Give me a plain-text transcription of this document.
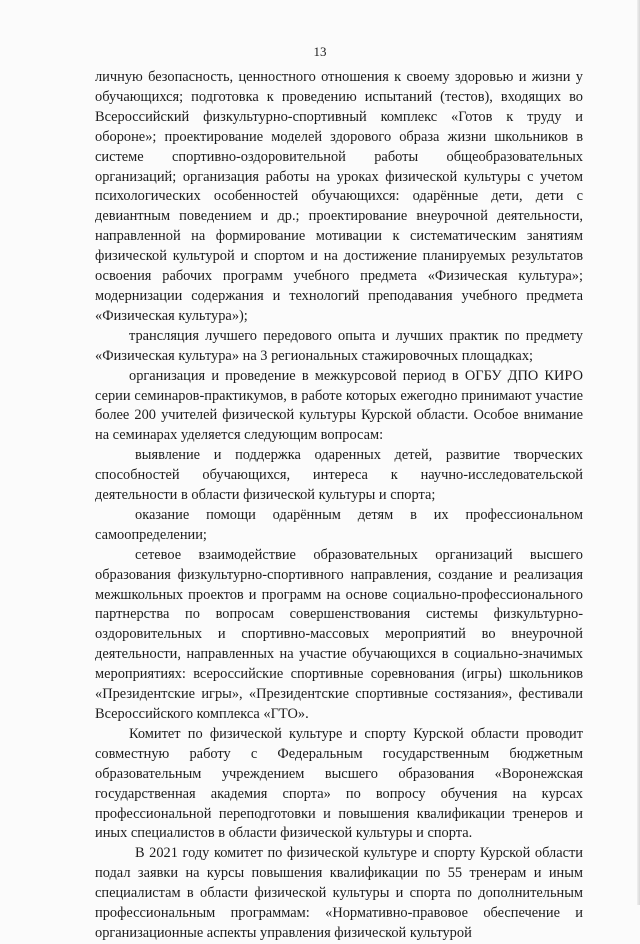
13

личную безопасность, ценностного отношения к своему здоровью и жизни у обучающихся; подготовка к проведению испытаний (тестов), входящих во Всероссийский физкультурно-спортивный комплекс «Готов к труду и обороне»; проектирование моделей здорового образа жизни школьников в системе спортивно-оздоровительной работы общеобразовательных организаций; организация работы на уроках физической культуры с учетом психологических особенностей обучающихся: одарённые дети, дети с девиантным поведением и др.; проектирование внеурочной деятельности, направленной на формирование мотивации к систематическим занятиям физической культурой и спортом и на достижение планируемых результатов освоения рабочих программ учебного предмета «Физическая культура»; модернизации содержания и технологий преподавания учебного предмета «Физическая культура»);

трансляция лучшего передового опыта и лучших практик по предмету «Физическая культура» на 3 региональных стажировочных площадках;

организация и проведение в межкурсовой период в ОГБУ ДПО КИРО серии семинаров-практикумов, в работе которых ежегодно принимают участие более 200 учителей физической культуры Курской области. Особое внимание на семинарах уделяется следующим вопросам:

выявление и поддержка одаренных детей, развитие творческих способностей обучающихся, интереса к научно-исследовательской деятельности в области физической культуры и спорта;

оказание помощи одарённым детям в их профессиональном самоопределении;

сетевое взаимодействие образовательных организаций высшего образования физкультурно-спортивного направления, создание и реализация межшкольных проектов и программ на основе социально-профессионального партнерства по вопросам совершенствования системы физкультурно-оздоровительных и спортивно-массовых мероприятий во внеурочной деятельности, направленных на участие обучающихся в социально-значимых мероприятиях: всероссийские спортивные соревнования (игры) школьников «Президентские игры», «Президентские спортивные состязания», фестивали Всероссийского комплекса «ГТО».

Комитет по физической культуре и спорту Курской области проводит совместную работу с Федеральным государственным бюджетным образовательным учреждением высшего образования «Воронежская государственная академия спорта» по вопросу обучения на курсах профессиональной переподготовки и повышения квалификации тренеров и иных специалистов в области физической культуры и спорта.

В 2021 году комитет по физической культуре и спорту Курской области подал заявки на курсы повышения квалификации по 55 тренерам и иным специалистам в области физической культуры и спорта по дополнительным профессиональным программам: «Нормативно-правовое обеспечение и организационные аспекты управления физической культурой
